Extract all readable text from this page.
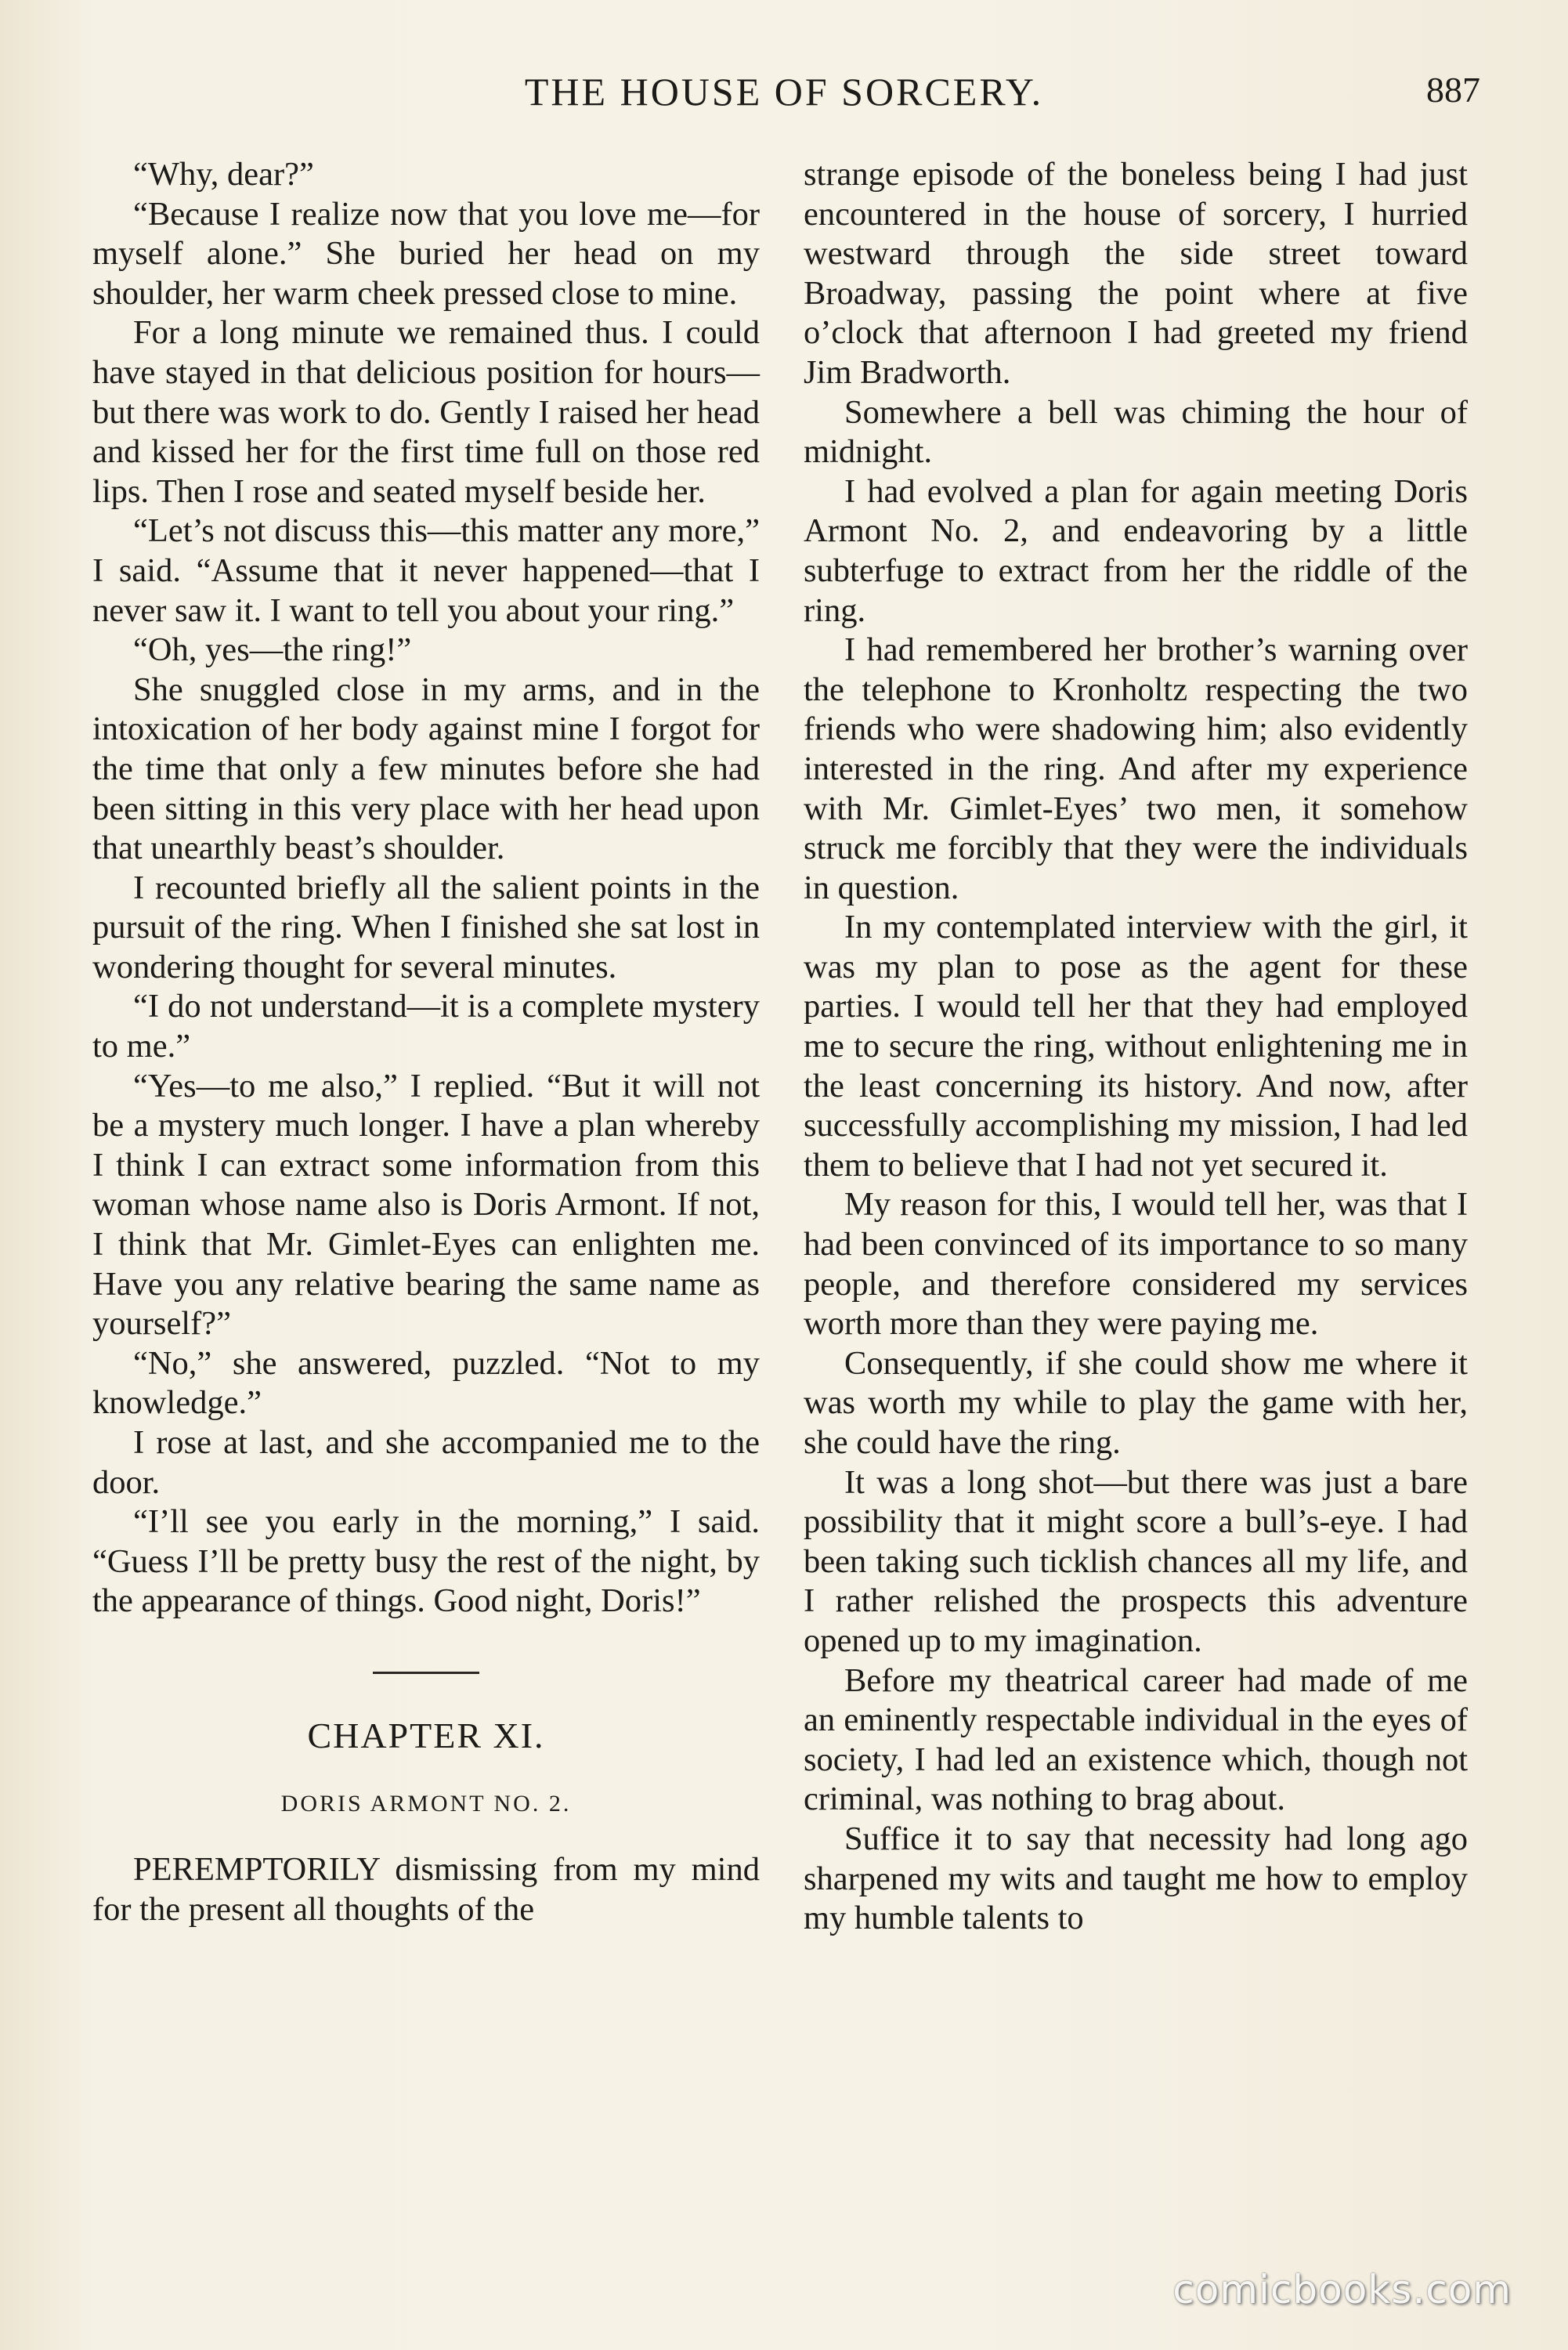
THE HOUSE OF SORCERY.	887

“Why, dear?”

“Because I realize now that you love me—for myself alone.” She buried her head on my shoulder, her warm cheek pressed close to mine.

For a long minute we remained thus. I could have stayed in that delicious position for hours—but there was work to do. Gently I raised her head and kissed her for the first time full on those red lips. Then I rose and seated myself beside her.

“Let’s not discuss this—this matter any more,” I said. “Assume that it never happened—that I never saw it. I want to tell you about your ring.”

“Oh, yes—the ring!”

She snuggled close in my arms, and in the intoxication of her body against mine I forgot for the time that only a few minutes before she had been sitting in this very place with her head upon that unearthly beast’s shoulder.

I recounted briefly all the salient points in the pursuit of the ring. When I finished she sat lost in wondering thought for several minutes.

“I do not understand—it is a complete mystery to me.”

“Yes—to me also,” I replied. “But it will not be a mystery much longer. I have a plan whereby I think I can extract some information from this woman whose name also is Doris Armont. If not, I think that Mr. Gimlet-Eyes can enlighten me. Have you any relative bearing the same name as yourself?”

“No,” she answered, puzzled. “Not to my knowledge.”

I rose at last, and she accompanied me to the door.

“I’ll see you early in the morning,” I said. “Guess I’ll be pretty busy the rest of the night, by the appearance of things. Good night, Doris!”

CHAPTER XI.
DORIS ARMONT NO. 2.

PEREMPTORILY dismissing from my mind for the present all thoughts of the

strange episode of the boneless being I had just encountered in the house of sorcery, I hurried westward through the side street toward Broadway, passing the point where at five o’clock that afternoon I had greeted my friend Jim Bradworth.

Somewhere a bell was chiming the hour of midnight.

I had evolved a plan for again meeting Doris Armont No. 2, and endeavoring by a little subterfuge to extract from her the riddle of the ring.

I had remembered her brother’s warning over the telephone to Kronholtz respecting the two friends who were shadowing him; also evidently interested in the ring. And after my experience with Mr. Gimlet-Eyes’ two men, it somehow struck me forcibly that they were the individuals in question.

In my contemplated interview with the girl, it was my plan to pose as the agent for these parties. I would tell her that they had employed me to secure the ring, without enlightening me in the least concerning its history. And now, after successfully accomplishing my mission, I had led them to believe that I had not yet secured it.

My reason for this, I would tell her, was that I had been convinced of its importance to so many people, and therefore considered my services worth more than they were paying me.

Consequently, if she could show me where it was worth my while to play the game with her, she could have the ring.

It was a long shot—but there was just a bare possibility that it might score a bull’s-eye. I had been taking such ticklish chances all my life, and I rather relished the prospects this adventure opened up to my imagination.

Before my theatrical career had made of me an eminently respectable individual in the eyes of society, I had led an existence which, though not criminal, was nothing to brag about.

Suffice it to say that necessity had long ago sharpened my wits and taught me how to employ my humble talents to

comicbooks.com
